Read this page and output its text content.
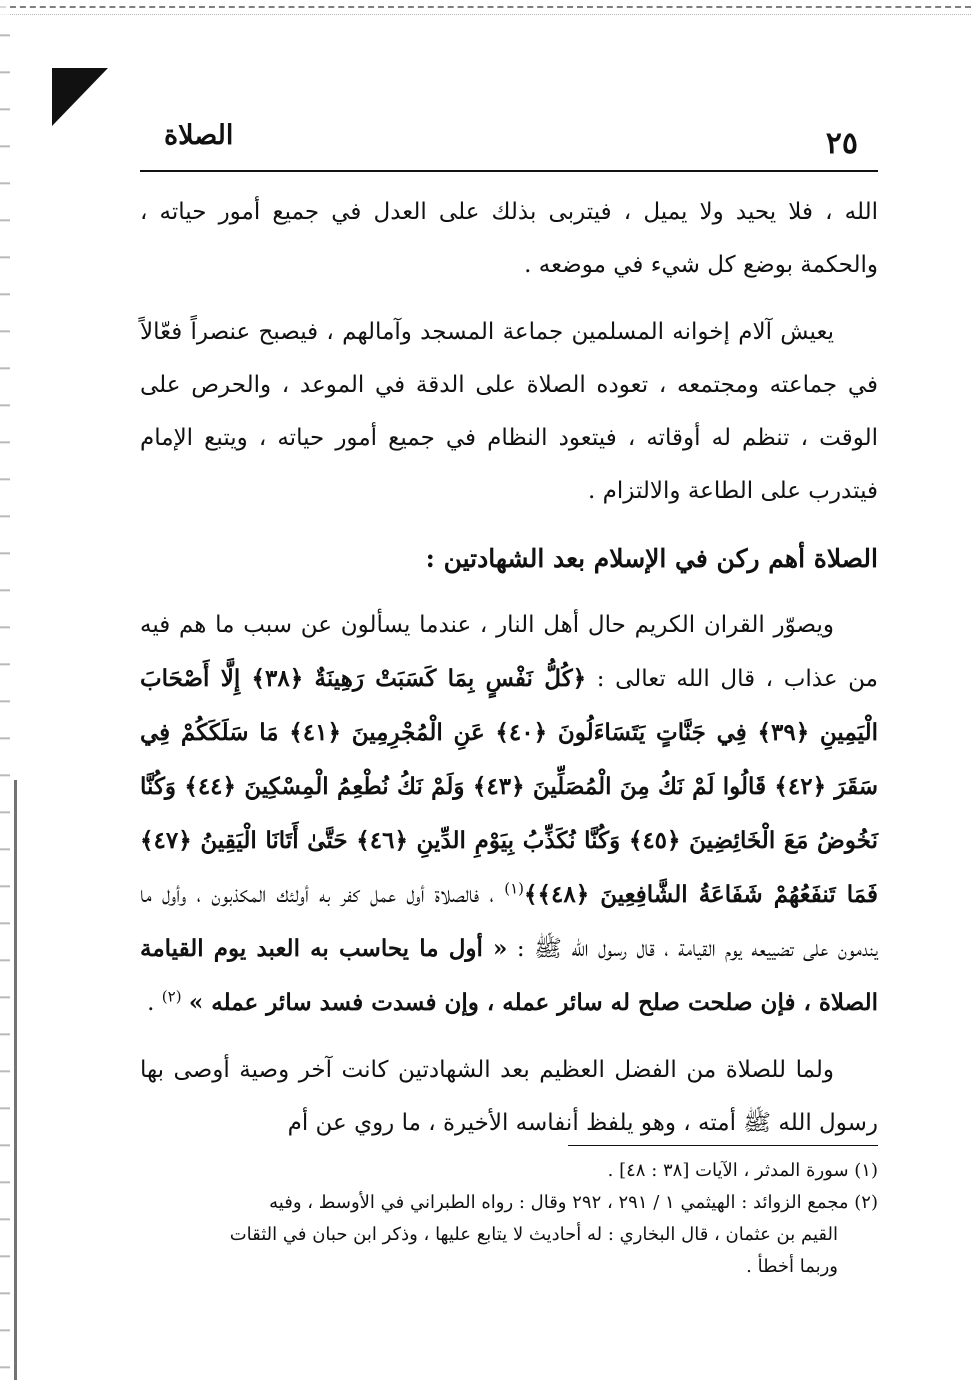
٢٥
الصلاة

الله ، فلا يحيد ولا يميل ، فيتربى بذلك على العدل في جميع أمور حياته ، والحكمة بوضع كل شيء في موضعه .

يعيش آلام إخوانه المسلمين جماعة المسجد وآمالهم ، فيصبح عنصراً فعّالاً في جماعته ومجتمعه ، تعوده الصلاة على الدقة في الموعد ، والحرص على الوقت ، تنظم له أوقاته ، فيتعود النظام في جميع أمور حياته ، ويتبع الإمام فيتدرب على الطاعة والالتزام .

الصلاة أهم ركن في الإسلام بعد الشهادتين :

ويصوّر القران الكريم حال أهل النار ، عندما يسألون عن سبب ما هم فيه من عذاب ، قال الله تعالى : ﴿كُلُّ نَفْسٍ بِمَا كَسَبَتْ رَهِينَةٌ ﴿٣٨﴾ إِلَّا أَصْحَابَ الْيَمِينِ ﴿٣٩﴾ فِي جَنَّاتٍ يَتَسَاءَلُونَ ﴿٤٠﴾ عَنِ الْمُجْرِمِينَ ﴿٤١﴾ مَا سَلَكَكُمْ فِي سَقَرَ ﴿٤٢﴾ قَالُوا لَمْ نَكُ مِنَ الْمُصَلِّينَ ﴿٤٣﴾ وَلَمْ نَكُ نُطْعِمُ الْمِسْكِينَ ﴿٤٤﴾ وَكُنَّا نَخُوضُ مَعَ الْخَائِضِينَ ﴿٤٥﴾ وَكُنَّا نُكَذِّبُ بِيَوْمِ الدِّينِ ﴿٤٦﴾ حَتَّىٰ أَتَانَا الْيَقِينُ ﴿٤٧﴾ فَمَا تَنفَعُهُمْ شَفَاعَةُ الشَّافِعِينَ ﴿٤٨﴾﴾$^{(١)}$ ، فالصلاة أول عمل كفر به أولئك المكذبون ، وأول ما يندمون على تضييعه يوم القيامة ، قال رسول الله ﷺ : « أول ما يحاسب به العبد يوم القيامة الصلاة ، فإن صلحت صلح له سائر عمله ، وإن فسدت فسد سائر عمله » $^{(٢)}$ .

ولما للصلاة من الفضل العظيم بعد الشهادتين كانت آخر وصية أوصى بها رسول الله ﷺ أمته ، وهو يلفظ أنفاسه الأخيرة ، ما روي عن أم

(١) سورة المدثر ، الآيات [٣٨ : ٤٨] .

(٢) مجمع الزوائد : الهيثمي ١ / ٢٩١ ، ٢٩٢ وقال : رواه الطبراني في الأوسط ، وفيه

القيم بن عثمان ، قال البخاري : له أحاديث لا يتابع عليها ، وذكر ابن حبان في الثقات

وربما أخطأ .
